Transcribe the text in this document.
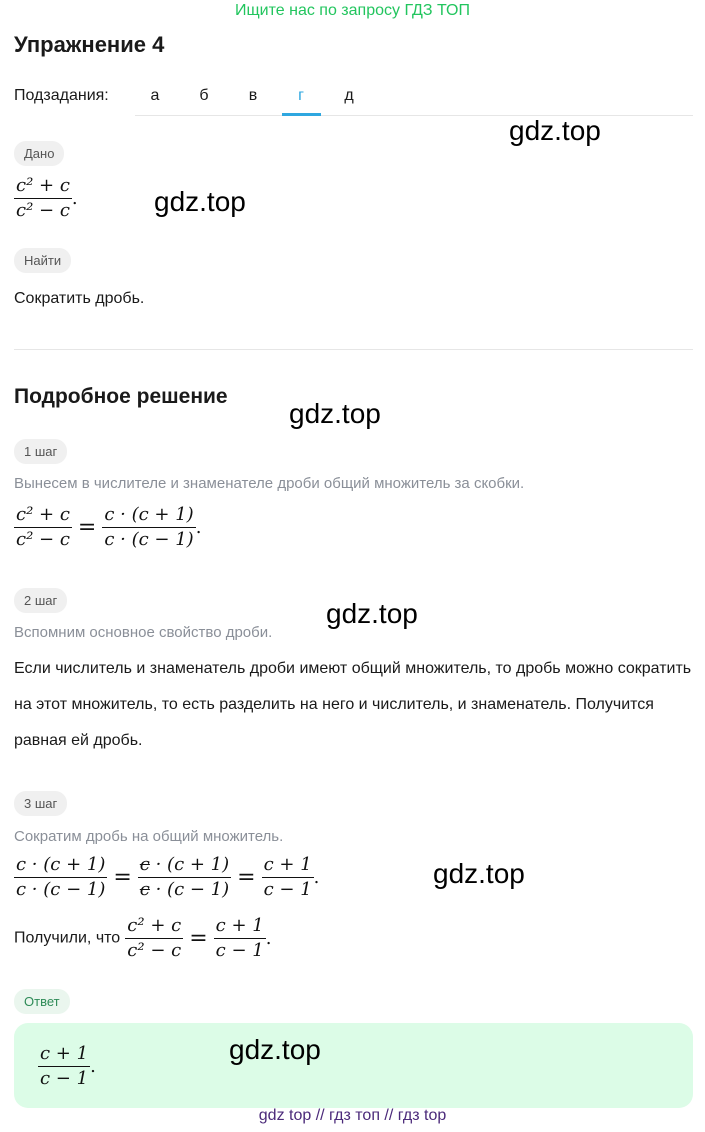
Ищите нас по запросу ГДЗ ТОП
Упражнение 4
Подзадания:	а	б	в	г	д
gdz.top
gdz.top
gdz.top
gdz.top
gdz.top
Дано
$\frac{\text{c² + c}}{\text{c² − c}}$ .
Найти
Сократить дробь.
Подробное решение
1 шаг
Вынесем в числителе и знаменателе дроби общий множитель за скобки.
$\frac{\text{c² + c}}{\text{c² − c}} = \frac{c \cdot (c + 1)}{c \cdot (c - 1)}$ .
2 шаг
Вспомним основное свойство дроби.
Если числитель и знаменатель дроби имеют общий множитель, то дробь можно сократить на этот множитель, то есть разделить на него и числитель, и знаменатель. Получится равная ей дробь.
3 шаг
Сократим дробь на общий множитель.
$\frac{c \cdot (c + 1)}{c \cdot (c - 1)} = \frac{c \cdot (c + 1)}{c \cdot (c - 1)} = \frac{c + 1}{c - 1}$ .
Получили, что $\frac{\text{c² + c}}{\text{c² − c}} = \frac{c + 1}{c - 1}$ .
Ответ
$\frac{c + 1}{c - 1}$ .
gdz.top
gdz top // гдз топ // гдз top
